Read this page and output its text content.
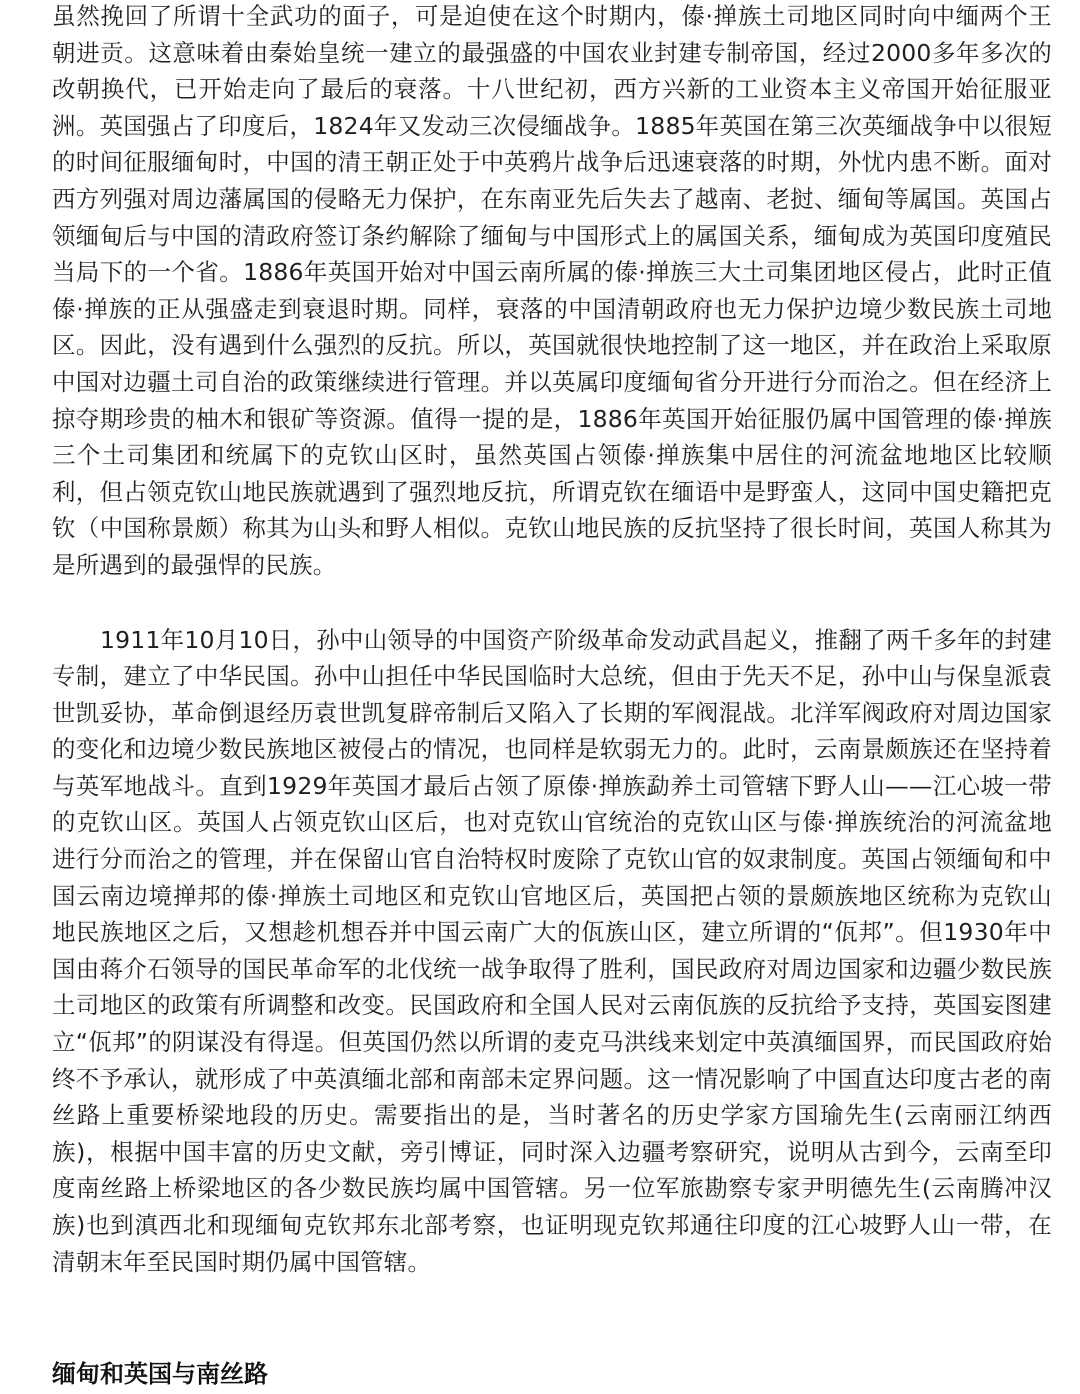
虽然挽回了所谓十全武功的面子，可是迫使在这个时期内，傣·掸族土司地区同时向中缅两个王朝进贡。这意味着由秦始皇统一建立的最强盛的中国农业封建专制帝国，经过2000多年多次的改朝换代，已开始走向了最后的衰落。十八世纪初，西方兴新的工业资本主义帝国开始征服亚洲。英国强占了印度后，1824年又发动三次侵缅战争。1885年英国在第三次英缅战争中以很短的时间征服缅甸时，中国的清王朝正处于中英鸦片战争后迅速衰落的时期，外忧内患不断。面对西方列强对周边藩属国的侵略无力保护，在东南亚先后失去了越南、老挝、缅甸等属国。英国占领缅甸后与中国的清政府签订条约解除了缅甸与中国形式上的属国关系，缅甸成为英国印度殖民当局下的一个省。1886年英国开始对中国云南所属的傣·掸族三大土司集团地区侵占，此时正值傣·掸族的正从强盛走到衰退时期。同样，衰落的中国清朝政府也无力保护边境少数民族土司地区。因此，没有遇到什么强烈的反抗。所以，英国就很快地控制了这一地区，并在政治上采取原中国对边疆土司自治的政策继续进行管理。并以英属印度缅甸省分开进行分而治之。但在经济上掠夺期珍贵的柚木和银矿等资源。值得一提的是，1886年英国开始征服仍属中国管理的傣·掸族三个土司集团和统属下的克钦山区时，虽然英国占领傣·掸族集中居住的河流盆地地区比较顺利，但占领克钦山地民族就遇到了强烈地反抗，所谓克钦在缅语中是野蛮人，这同中国史籍把克钦（中国称景颇）称其为山头和野人相似。克钦山地民族的反抗坚持了很长时间，英国人称其为是所遇到的最强悍的民族。

1911年10月10日，孙中山领导的中国资产阶级革命发动武昌起义，推翻了两千多年的封建专制，建立了中华民国。孙中山担任中华民国临时大总统，但由于先天不足，孙中山与保皇派袁世凯妥协，革命倒退经历袁世凯复辟帝制后又陷入了长期的军阀混战。北洋军阀政府对周边国家的变化和边境少数民族地区被侵占的情况，也同样是软弱无力的。此时，云南景颇族还在坚持着与英军地战斗。直到1929年英国才最后占领了原傣·掸族勐养土司管辖下野人山——江心坡一带的克钦山区。英国人占领克钦山区后，也对克钦山官统治的克钦山区与傣·掸族统治的河流盆地进行分而治之的管理，并在保留山官自治特权时废除了克钦山官的奴隶制度。英国占领缅甸和中国云南边境掸邦的傣·掸族土司地区和克钦山官地区后，英国把占领的景颇族地区统称为克钦山地民族地区之后，又想趁机想吞并中国云南广大的佤族山区，建立所谓的“佤邦”。但1930年中国由蒋介石领导的国民革命军的北伐统一战争取得了胜利，国民政府对周边国家和边疆少数民族土司地区的政策有所调整和改变。民国政府和全国人民对云南佤族的反抗给予支持，英国妄图建立“佤邦”的阴谋没有得逞。但英国仍然以所谓的麦克马洪线来划定中英滇缅国界，而民国政府始终不予承认，就形成了中英滇缅北部和南部未定界问题。这一情况影响了中国直达印度古老的南丝路上重要桥梁地段的历史。需要指出的是，当时著名的历史学家方国瑜先生(云南丽江纳西族)，根据中国丰富的历史文献，旁引博证，同时深入边疆考察研究，说明从古到今，云南至印度南丝路上桥梁地区的各少数民族均属中国管辖。另一位军旅勘察专家尹明德先生(云南腾冲汉族)也到滇西北和现缅甸克钦邦东北部考察，也证明现克钦邦通往印度的江心坡野人山一带，在清朝末年至民国时期仍属中国管辖。

缅甸和英国与南丝路
